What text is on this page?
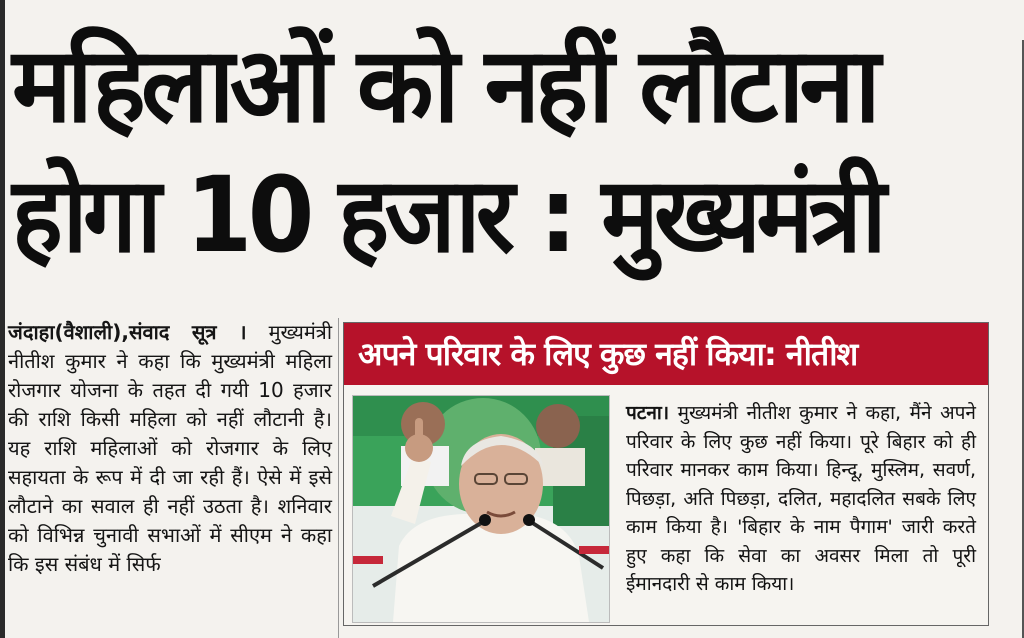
महिलाओं को नहीं लौटाना
होगा 10 हजार : मुख्यमंत्री

जंदाहा(वैशाली),संवाद सूत्र । मुख्यमंत्री नीतीश कुमार ने कहा कि मुख्यमंत्री महिला रोजगार योजना के तहत दी गयी 10 हजार की राशि किसी महिला को नहीं लौटानी है। यह राशि महिलाओं को रोजगार के लिए सहायता के रूप में दी जा रही हैं। ऐसे में इसे लौटाने का सवाल ही नहीं उठता है। शनिवार को विभिन्न चुनावी सभाओं में सीएम ने कहा कि इस संबंध में सिर्फ

अपने परिवार के लिए कुछ नहीं किया: नीतीश

पटना। मुख्यमंत्री नीतीश कुमार ने कहा, मैंने अपने परिवार के लिए कुछ नहीं किया। पूरे बिहार को ही परिवार मानकर काम किया। हिन्दू, मुस्लिम, सवर्ण, पिछड़ा, अति पिछड़ा, दलित, महादलित सबके लिए काम किया है। 'बिहार के नाम पैगाम' जारी करते हुए कहा कि सेवा का अवसर मिला तो पूरी ईमानदारी से काम किया।
